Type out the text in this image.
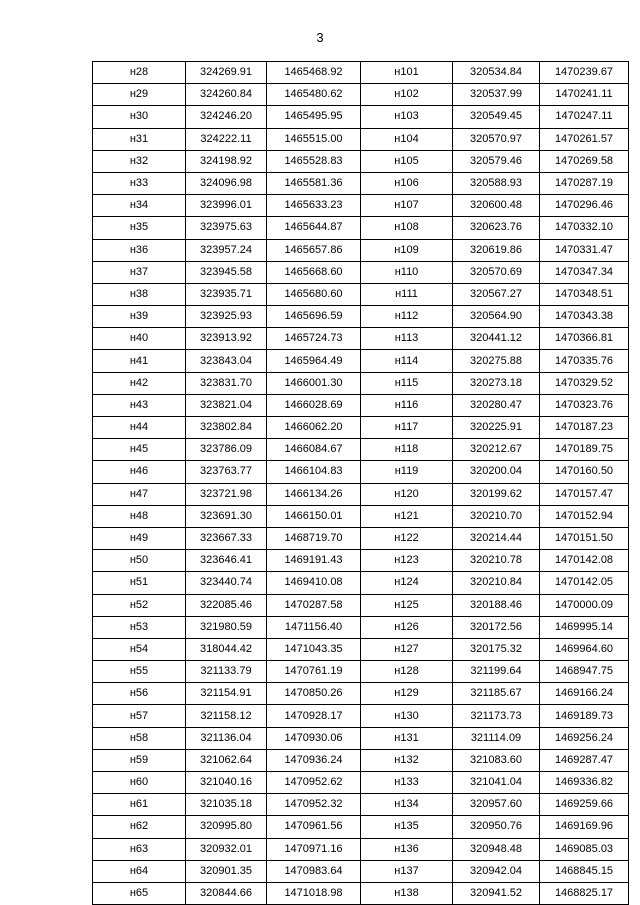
3
н28	324269.91	1465468.92	н101	320534.84	1470239.67
н29	324260.84	1465480.62	н102	320537.99	1470241.11
н30	324246.20	1465495.95	н103	320549.45	1470247.11
н31	324222.11	1465515.00	н104	320570.97	1470261.57
н32	324198.92	1465528.83	н105	320579.46	1470269.58
н33	324096.98	1465581.36	н106	320588.93	1470287.19
н34	323996.01	1465633.23	н107	320600.48	1470296.46
н35	323975.63	1465644.87	н108	320623.76	1470332.10
н36	323957.24	1465657.86	н109	320619.86	1470331.47
н37	323945.58	1465668.60	н110	320570.69	1470347.34
н38	323935.71	1465680.60	н111	320567.27	1470348.51
н39	323925.93	1465696.59	н112	320564.90	1470343.38
н40	323913.92	1465724.73	н113	320441.12	1470366.81
н41	323843.04	1465964.49	н114	320275.88	1470335.76
н42	323831.70	1466001.30	н115	320273.18	1470329.52
н43	323821.04	1466028.69	н116	320280.47	1470323.76
н44	323802.84	1466062.20	н117	320225.91	1470187.23
н45	323786.09	1466084.67	н118	320212.67	1470189.75
н46	323763.77	1466104.83	н119	320200.04	1470160.50
н47	323721.98	1466134.26	н120	320199.62	1470157.47
н48	323691.30	1466150.01	н121	320210.70	1470152.94
н49	323667.33	1468719.70	н122	320214.44	1470151.50
н50	323646.41	1469191.43	н123	320210.78	1470142.08
н51	323440.74	1469410.08	н124	320210.84	1470142.05
н52	322085.46	1470287.58	н125	320188.46	1470000.09
н53	321980.59	1471156.40	н126	320172.56	1469995.14
н54	318044.42	1471043.35	н127	320175.32	1469964.60
н55	321133.79	1470761.19	н128	321199.64	1468947.75
н56	321154.91	1470850.26	н129	321185.67	1469166.24
н57	321158.12	1470928.17	н130	321173.73	1469189.73
н58	321136.04	1470930.06	н131	321114.09	1469256.24
н59	321062.64	1470936.24	н132	321083.60	1469287.47
н60	321040.16	1470952.62	н133	321041.04	1469336.82
н61	321035.18	1470952.32	н134	320957.60	1469259.66
н62	320995.80	1470961.56	н135	320950.76	1469169.96
н63	320932.01	1470971.16	н136	320948.48	1469085.03
н64	320901.35	1470983.64	н137	320942.04	1468845.15
н65	320844.66	1471018.98	н138	320941.52	1468825.17
